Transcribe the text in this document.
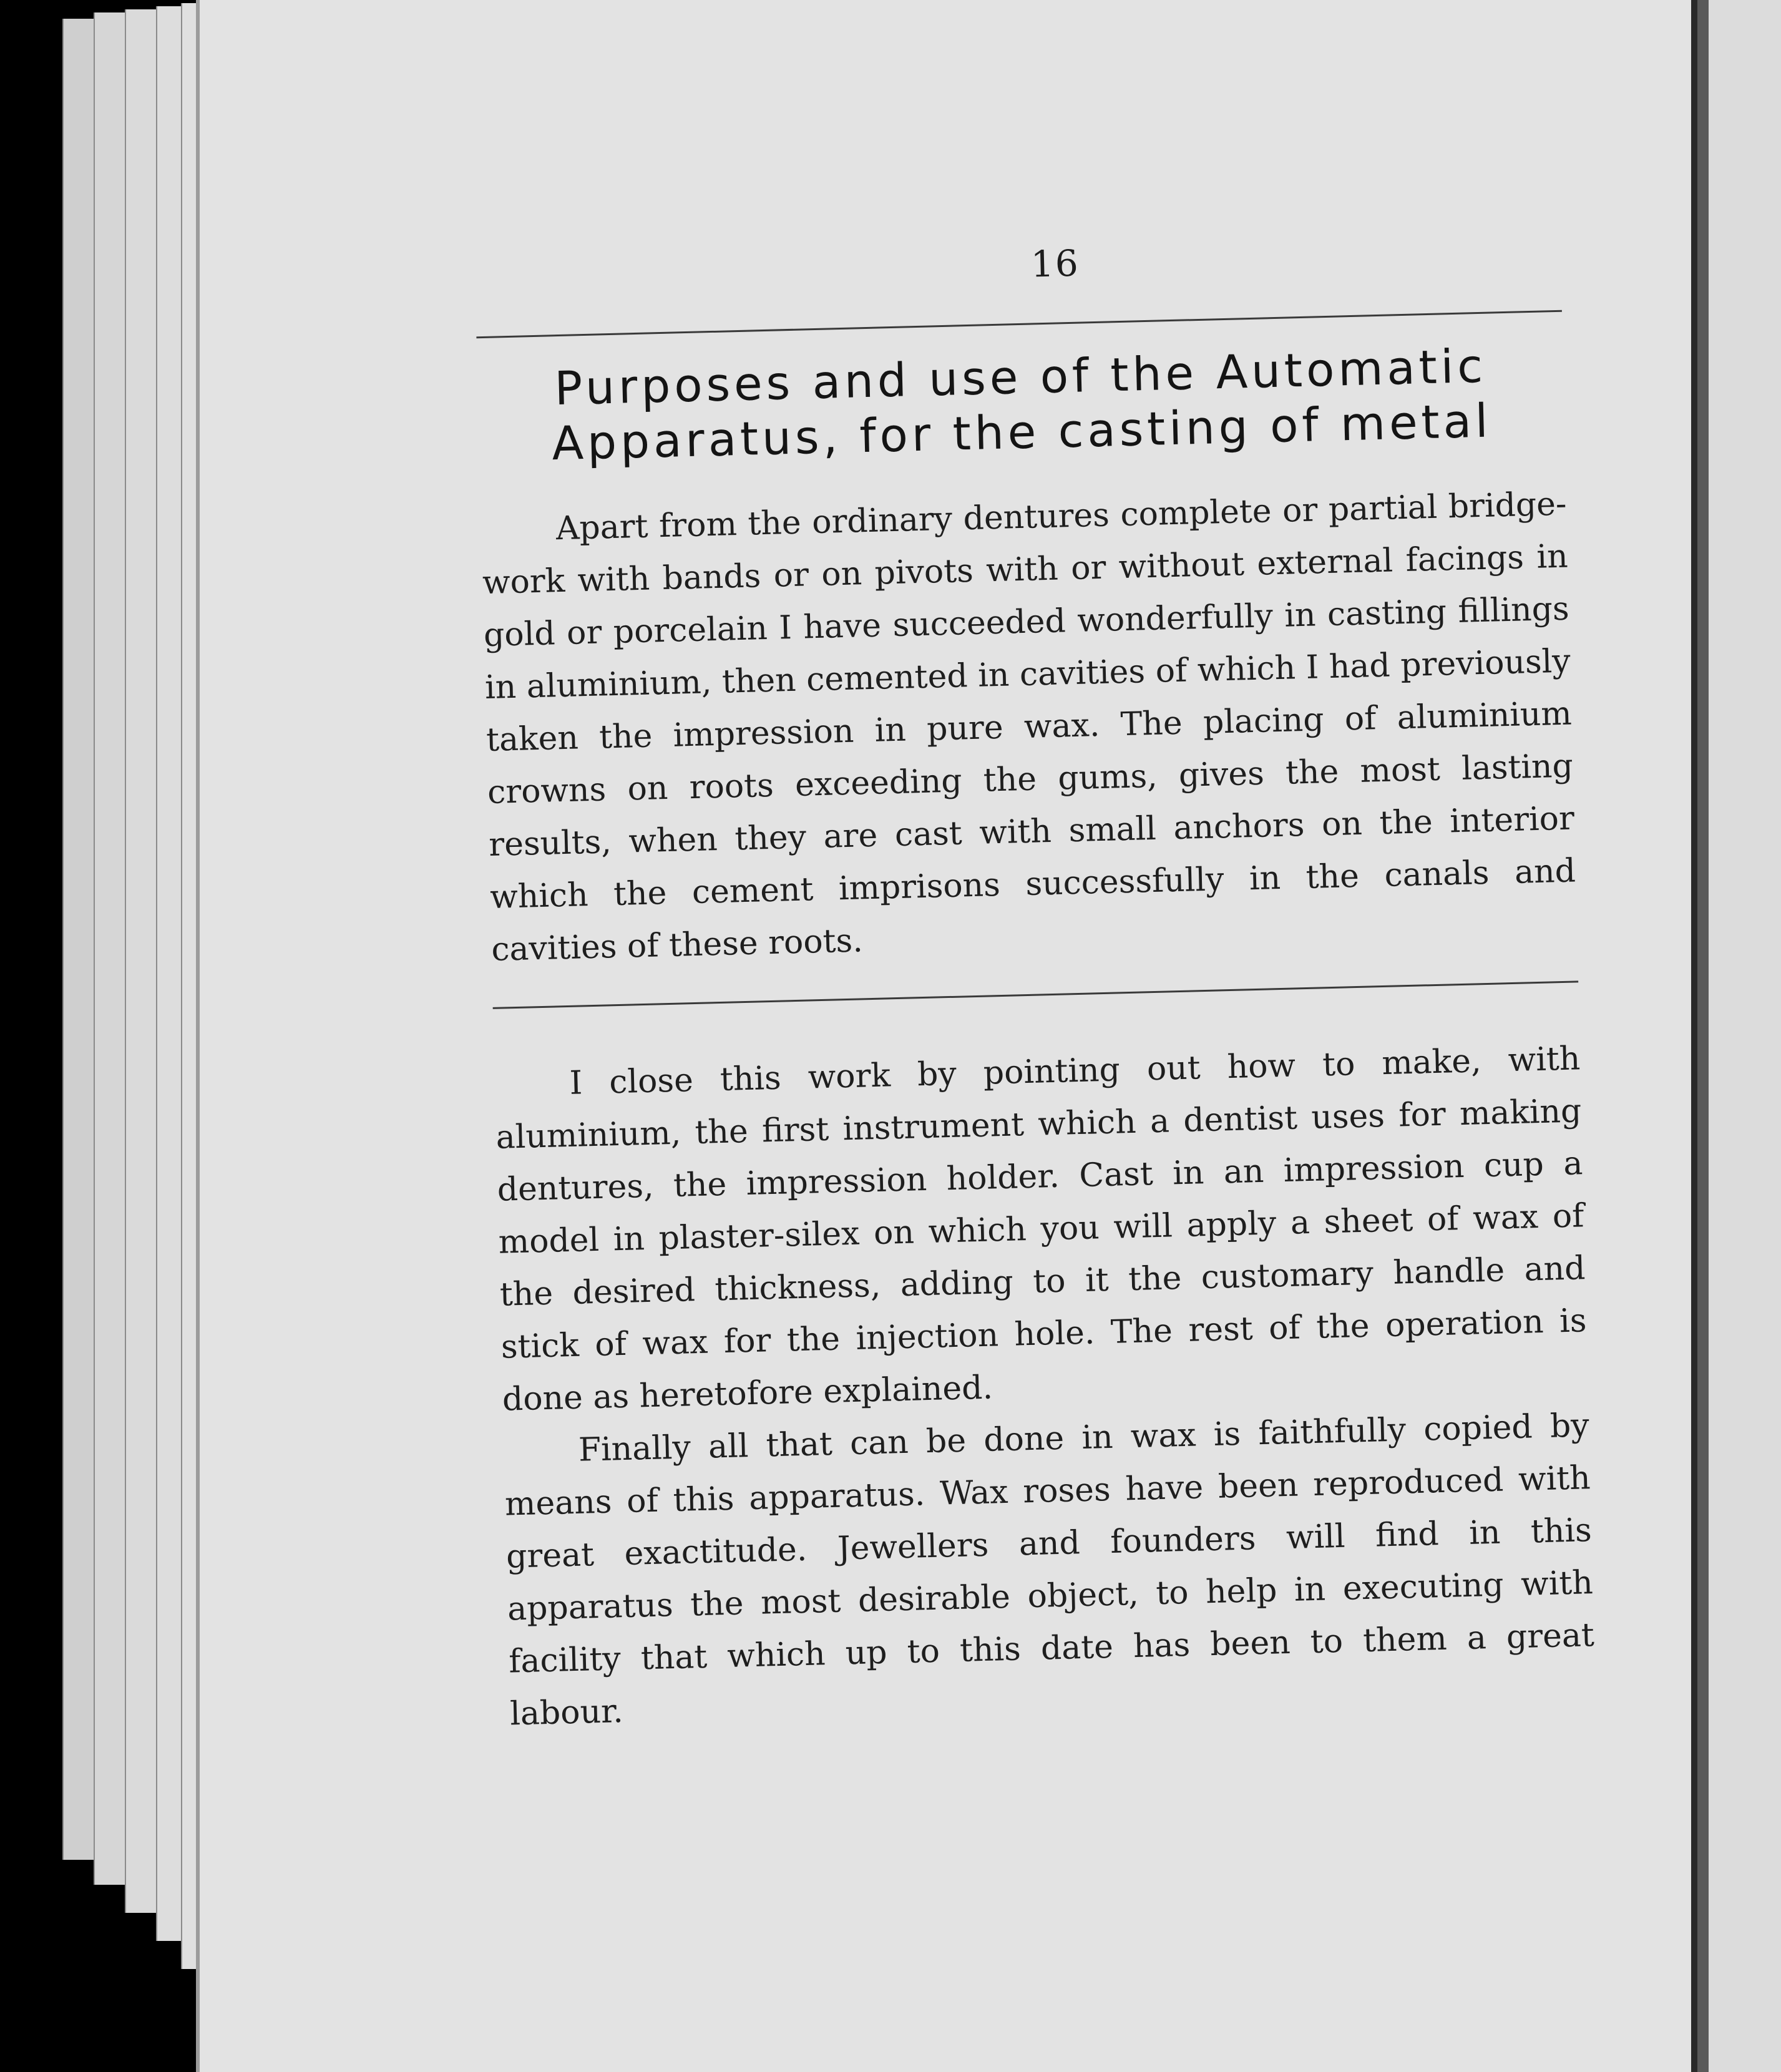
16
Purposes and use of the Automatic
Apparatus, for the casting of metal

Apart from the ordinary dentures complete or partial bridge-work with bands or on pivots with or without external facings in gold or porcelain I have succeeded wonderfully in casting fillings in aluminium, then cemented in cavities of which I had previously taken the impression in pure wax. The placing of aluminium crowns on roots exceeding the gums, gives the most lasting results, when they are cast with small anchors on the interior which the cement imprisons successfully in the canals and cavities of these roots.

I close this work by pointing out how to make, with aluminium, the first instrument which a dentist uses for making dentures, the impression holder. Cast in an impression cup a model in plaster-silex on which you will apply a sheet of wax of the desired thickness, adding to it the customary handle and stick of wax for the injection hole. The rest of the operation is done as heretofore explained.

Finally all that can be done in wax is faithfully copied by means of this apparatus. Wax roses have been reproduced with great exactitude. Jewellers and founders will find in this apparatus the most desirable object, to help in executing with facility that which up to this date has been to them a great labour.
